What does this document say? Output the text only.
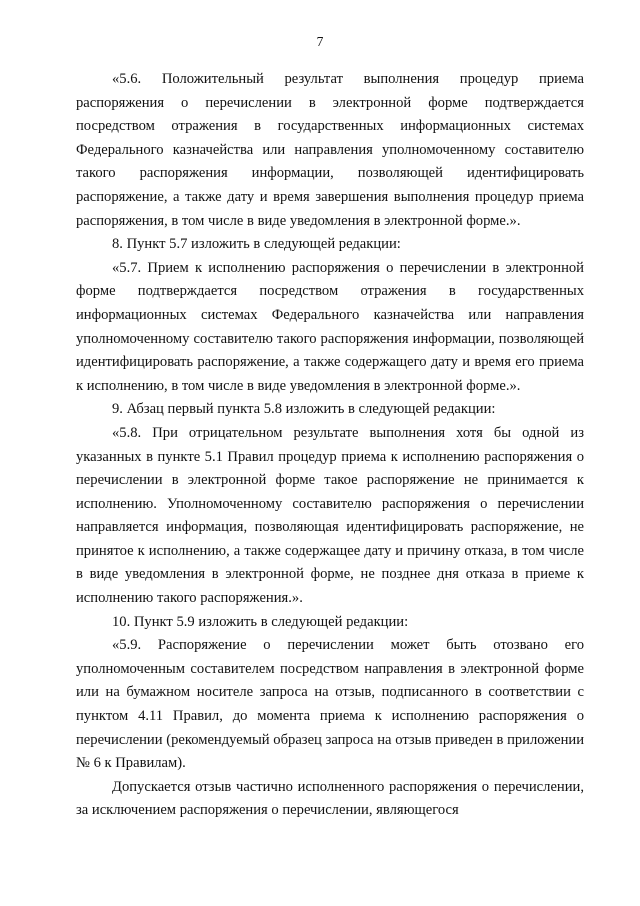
7

«5.6. Положительный результат выполнения процедур приема распоряжения о перечислении в электронной форме подтверждается посредством отражения в государственных информационных системах Федерального казначейства или направления уполномоченному составителю такого распоряжения информации, позволяющей идентифицировать распоряжение, а также дату и время завершения выполнения процедур приема распоряжения, в том числе в виде уведомления в электронной форме.».

8. Пункт 5.7 изложить в следующей редакции:

«5.7. Прием к исполнению распоряжения о перечислении в электронной форме подтверждается посредством отражения в государственных информационных системах Федерального казначейства или направления уполномоченному составителю такого распоряжения информации, позволяющей идентифицировать распоряжение, а также содержащего дату и время его приема к исполнению, в том числе в виде уведомления в электронной форме.».

9. Абзац первый пункта 5.8 изложить в следующей редакции:

«5.8. При отрицательном результате выполнения хотя бы одной из указанных в пункте 5.1 Правил процедур приема к исполнению распоряжения о перечислении в электронной форме такое распоряжение не принимается к исполнению. Уполномоченному составителю распоряжения о перечислении направляется информация, позволяющая идентифицировать распоряжение, не принятое к исполнению, а также содержащее дату и причину отказа, в том числе в виде уведомления в электронной форме, не позднее дня отказа в приеме к исполнению такого распоряжения.».

10. Пункт 5.9 изложить в следующей редакции:

«5.9. Распоряжение о перечислении может быть отозвано его уполномоченным составителем посредством направления в электронной форме или на бумажном носителе запроса на отзыв, подписанного в соответствии с пунктом 4.11 Правил, до момента приема к исполнению распоряжения о перечислении (рекомендуемый образец запроса на отзыв приведен в приложении № 6 к Правилам).

Допускается отзыв частично исполненного распоряжения о перечислении, за исключением распоряжения о перечислении, являющегося
